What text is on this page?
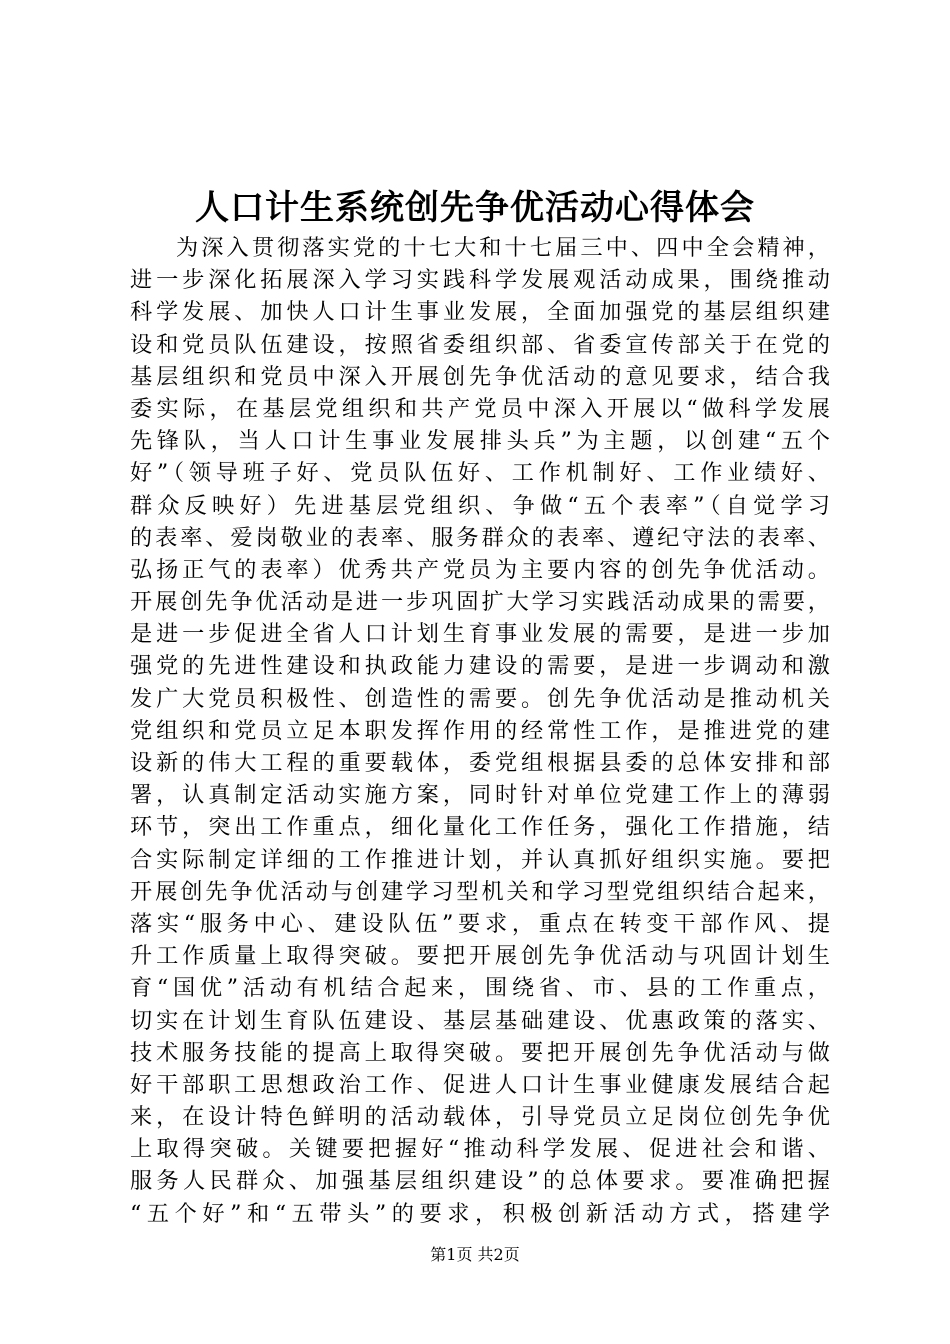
人口计生系统创先争优活动心得体会
为深入贯彻落实党的十七大和十七届三中、四中全会精神，
进一步深化拓展深入学习实践科学发展观活动成果，围绕推动
科学发展、加快人口计生事业发展，全面加强党的基层组织建
设和党员队伍建设，按照省委组织部、省委宣传部关于在党的
基层组织和党员中深入开展创先争优活动的意见要求，结合我
委实际，在基层党组织和共产党员中深入开展以“做科学发展
先锋队，当人口计生事业发展排头兵”为主题，以创建“五个
好”（领导班子好、党员队伍好、工作机制好、工作业绩好、
群众反映好）先进基层党组织、争做“五个表率”（自觉学习
的表率、爱岗敬业的表率、服务群众的表率、遵纪守法的表率、
弘扬正气的表率）优秀共产党员为主要内容的创先争优活动。
开展创先争优活动是进一步巩固扩大学习实践活动成果的需要，
是进一步促进全省人口计划生育事业发展的需要，是进一步加
强党的先进性建设和执政能力建设的需要，是进一步调动和激
发广大党员积极性、创造性的需要。创先争优活动是推动机关
党组织和党员立足本职发挥作用的经常性工作，是推进党的建
设新的伟大工程的重要载体，委党组根据县委的总体安排和部
署，认真制定活动实施方案，同时针对单位党建工作上的薄弱
环节，突出工作重点，细化量化工作任务，强化工作措施，结
合实际制定详细的工作推进计划，并认真抓好组织实施。要把
开展创先争优活动与创建学习型机关和学习型党组织结合起来，
落实“服务中心、建设队伍”要求，重点在转变干部作风、提
升工作质量上取得突破。要把开展创先争优活动与巩固计划生
育“国优”活动有机结合起来，围绕省、市、县的工作重点，
切实在计划生育队伍建设、基层基础建设、优惠政策的落实、
技术服务技能的提高上取得突破。要把开展创先争优活动与做
好干部职工思想政治工作、促进人口计生事业健康发展结合起
来，在设计特色鲜明的活动载体，引导党员立足岗位创先争优
上取得突破。关键要把握好“推动科学发展、促进社会和谐、
服务人民群众、加强基层组织建设”的总体要求。要准确把握
“五个好”和“五带头”的要求，积极创新活动方式，搭建学
第1页 共2页
